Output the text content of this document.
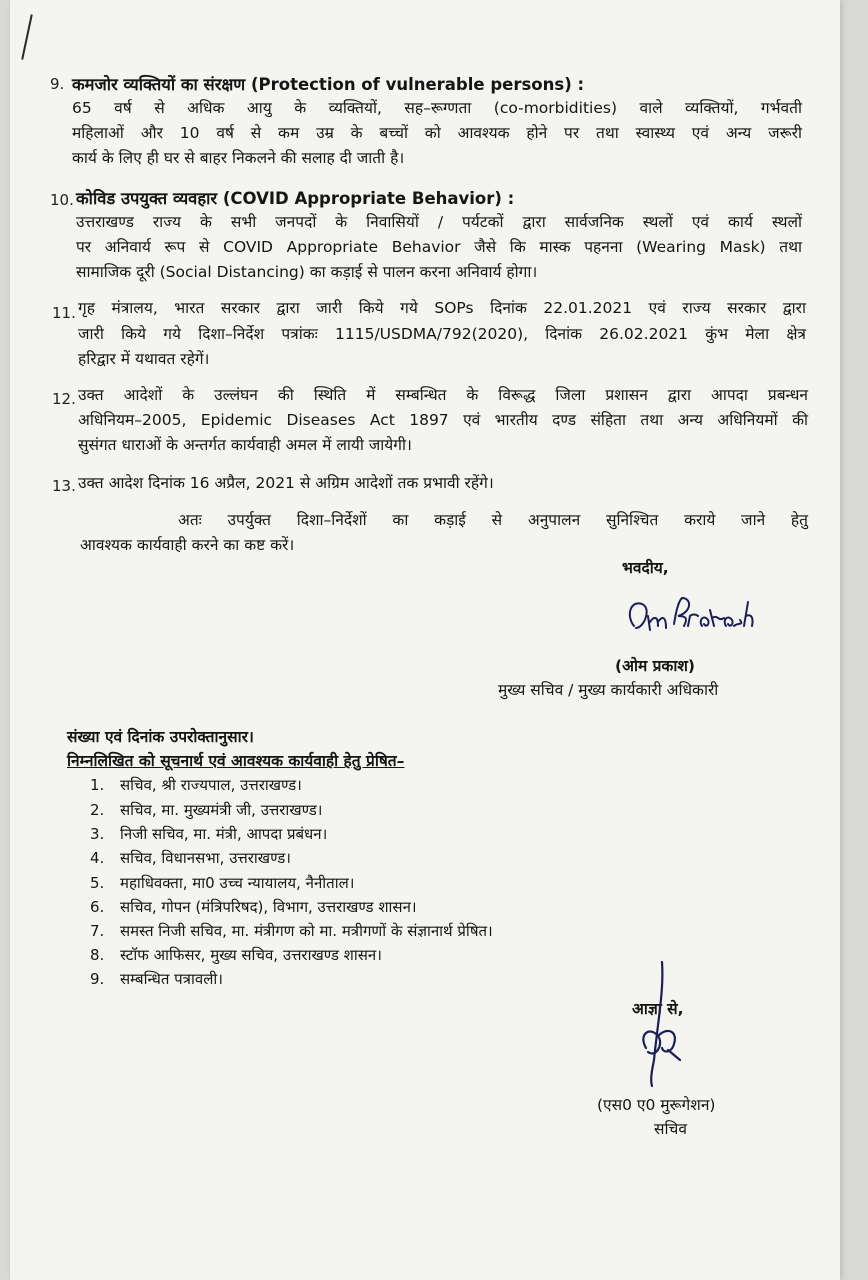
9. कमजोर व्यक्तियों का संरक्षण (Protection of vulnerable persons) :
65 वर्ष से अधिक आयु के व्यक्तियों, सह–रूग्णता (co-morbidities) वाले व्यक्तियों, गर्भवती
महिलाओं और 10 वर्ष से कम उम्र के बच्चों को आवश्यक होने पर तथा स्वास्थ्य एवं अन्य जरूरी
कार्य के लिए ही घर से बाहर निकलने की सलाह दी जाती है।
10. कोविड उपयुक्त व्यवहार (COVID Appropriate Behavior) :
उत्तराखण्ड राज्य के सभी जनपदों के निवासियों / पर्यटकों द्वारा सार्वजनिक स्थलों एवं कार्य स्थलों
पर अनिवार्य रूप से COVID Appropriate Behavior जैसे कि मास्क पहनना (Wearing Mask) तथा
सामाजिक दूरी (Social Distancing) का कड़ाई से पालन करना अनिवार्य होगा।
11. गृह मंत्रालय, भारत सरकार द्वारा जारी किये गये SOPs दिनांक 22.01.2021 एवं राज्य सरकार द्वारा
जारी किये गये दिशा–निर्देश पत्रांकः 1115/USDMA/792(2020), दिनांक 26.02.2021 कुंभ मेला क्षेत्र
हरिद्वार में यथावत रहेगें।
12. उक्त आदेशों के उल्लंघन की स्थिति में सम्बन्धित के विरूद्ध जिला प्रशासन द्वारा आपदा प्रबन्धन
अधिनियम–2005, Epidemic Diseases Act 1897 एवं भारतीय दण्ड संहिता तथा अन्य अधिनियमों की
सुसंगत धाराओं के अन्तर्गत कार्यवाही अमल में लायी जायेगी।
13. उक्त आदेश दिनांक 16 अप्रैल, 2021 से अग्रिम आदेशों तक प्रभावी रहेंगे।
अतः उपर्युक्त दिशा–निर्देशों का कड़ाई से अनुपालन सुनिश्चित कराये जाने हेतु
आवश्यक कार्यवाही करने का कष्ट करें।
भवदीय,
(ओम प्रकाश)
मुख्य सचिव / मुख्य कार्यकारी अधिकारी
संख्या एवं दिनांक उपरोक्तानुसार।
निम्नलिखित को सूचनार्थ एवं आवश्यक कार्यवाही हेतु प्रेषित–
1. सचिव, श्री राज्यपाल, उत्तराखण्ड।
2. सचिव, मा. मुख्यमंत्री जी, उत्तराखण्ड।
3. निजी सचिव, मा. मंत्री, आपदा प्रबंधन।
4. सचिव, विधानसभा, उत्तराखण्ड।
5. महाधिवक्ता, मा0 उच्च न्यायालय, नैनीताल।
6. सचिव, गोपन (मंत्रिपरिषद), विभाग, उत्तराखण्ड शासन।
7. समस्त निजी सचिव, मा. मंत्रीगण को मा. मत्रीगणों के संज्ञानार्थ प्रेषित।
8. स्टॉफ आफिसर, मुख्य सचिव, उत्तराखण्ड शासन।
9. सम्बन्धित पत्रावली।
आज्ञा से,
(एस0 ए0 मुरूगेशन)
सचिव
